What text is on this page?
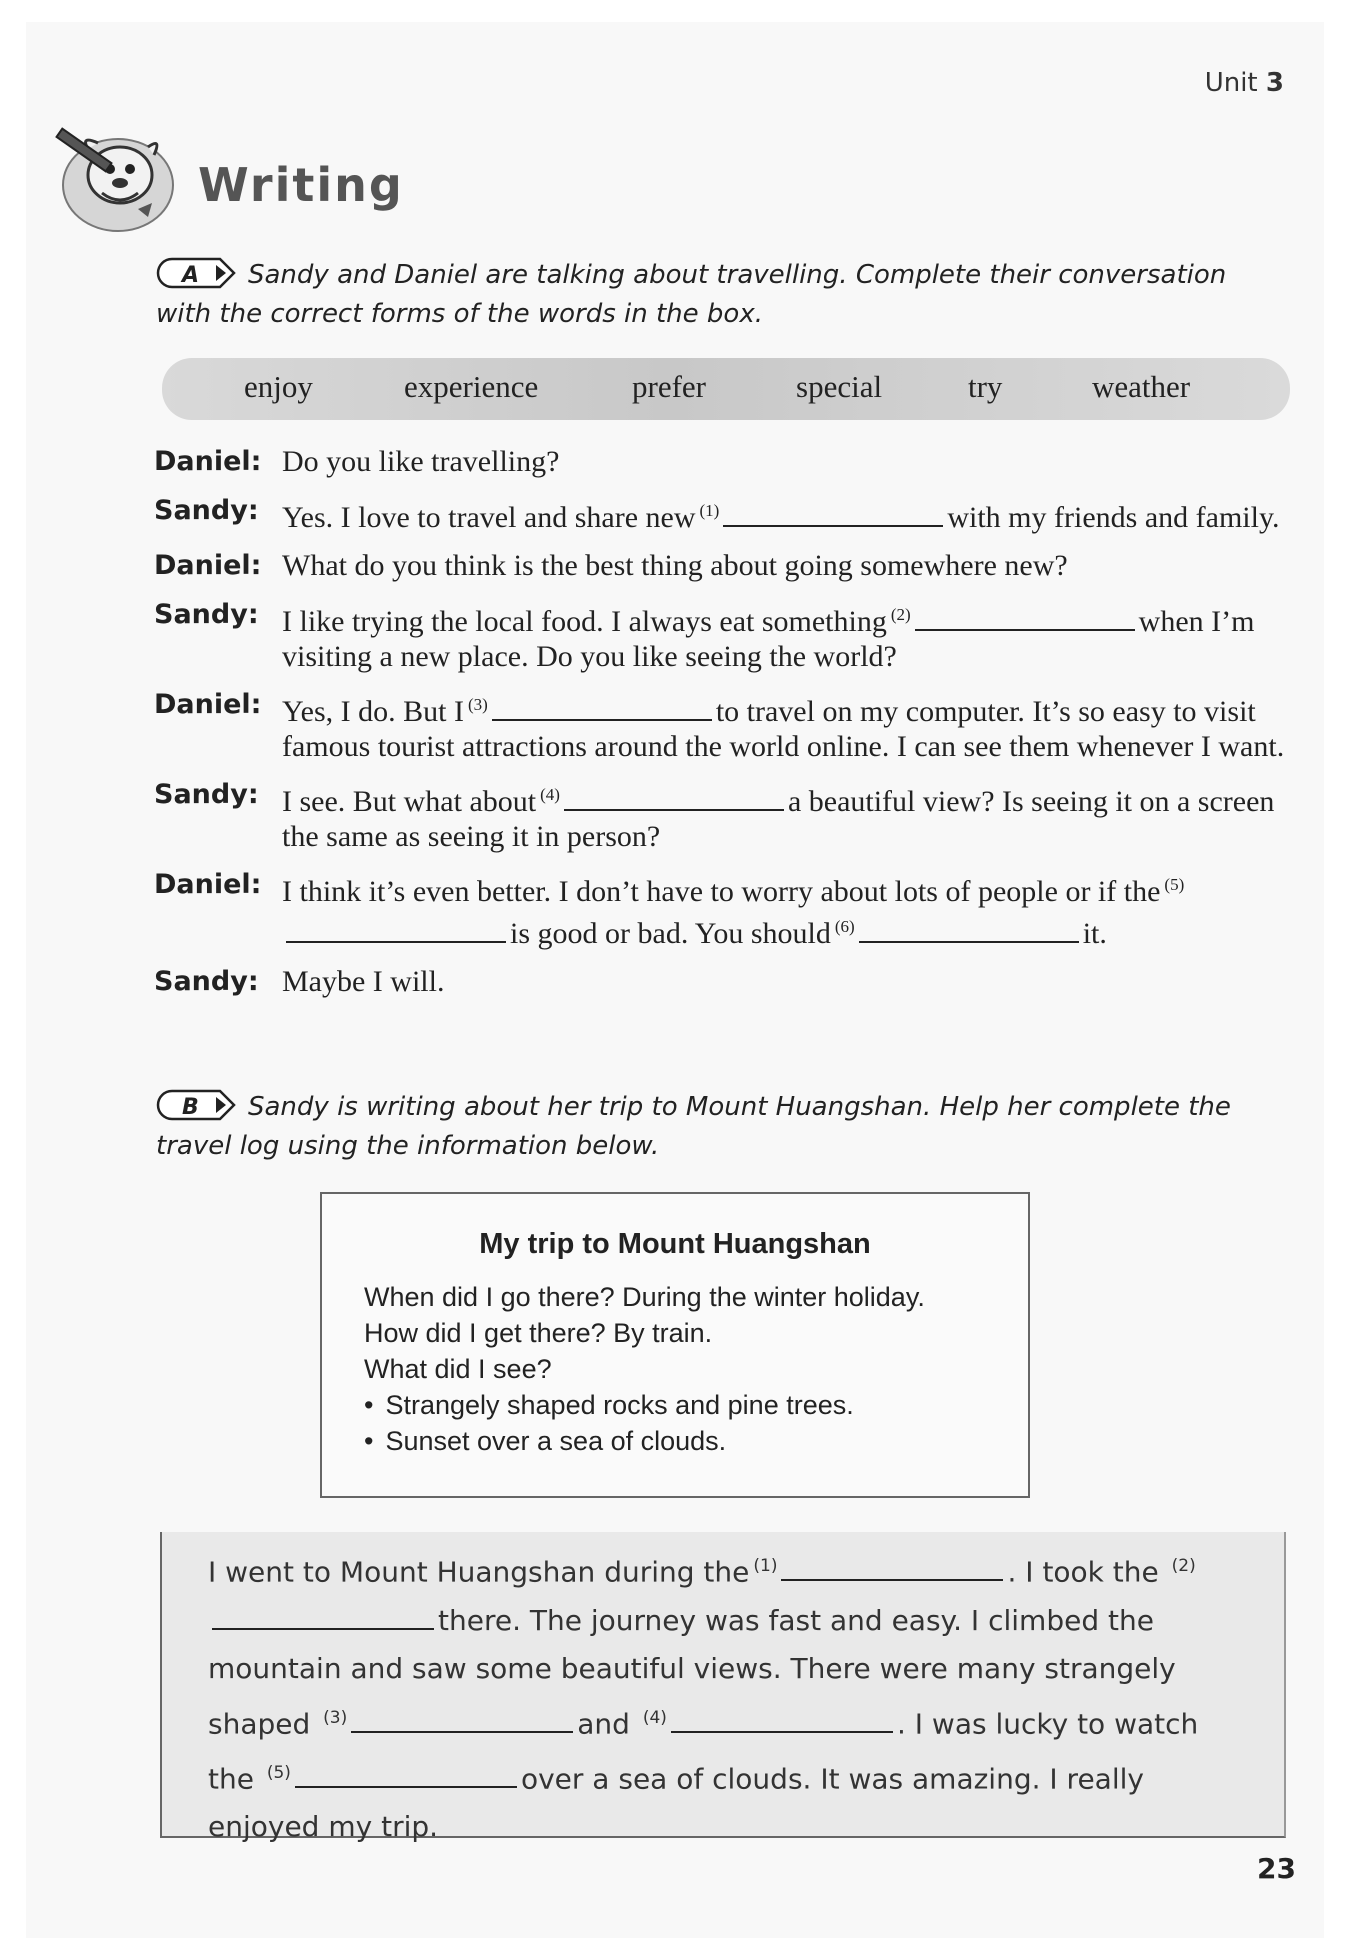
Unit 3
Writing
A Sandy and Daniel are talking about travelling. Complete their conversation with the correct forms of the words in the box.
enjoy	experience	prefer	special	try	weather
Daniel: Do you like travelling?
Sandy: Yes. I love to travel and share new $^{(1)}$	with my friends and family.
Daniel: What do you think is the best thing about going somewhere new?
Sandy: I like trying the local food. I always eat something $^{(2)}$	when I’m visiting a new place. Do you like seeing the world?
Daniel: Yes, I do. But I $^{(3)}$	to travel on my computer. It’s so easy to visit famous tourist attractions around the world online. I can see them whenever I want.
Sandy: I see. But what about $^{(4)}$	a beautiful view? Is seeing it on a screen the same as seeing it in person?
Daniel: I think it’s even better. I don’t have to worry about lots of people or if the $^{(5)}$is good or bad. You should $^{(6)}$	it.
Sandy: Maybe I will.
B Sandy is writing about her trip to Mount Huangshan. Help her complete the travel log using the information below.
My trip to Mount Huangshan
When did I go there? During the winter holiday.
How did I get there? By train.
What did I see?
• Strangely shaped rocks and pine trees.
• Sunset over a sea of clouds.
I went to Mount Huangshan during the $^{(1)}$	. I took the $^{(2)}$there. The journey was fast and easy. I climbed the mountain and saw some beautiful views. There were many strangely shaped $^{(3)}$	and $^{(4)}$	. I was lucky to watch the $^{(5)}$	over a sea of clouds. It was amazing. I really enjoyed my trip.
23
